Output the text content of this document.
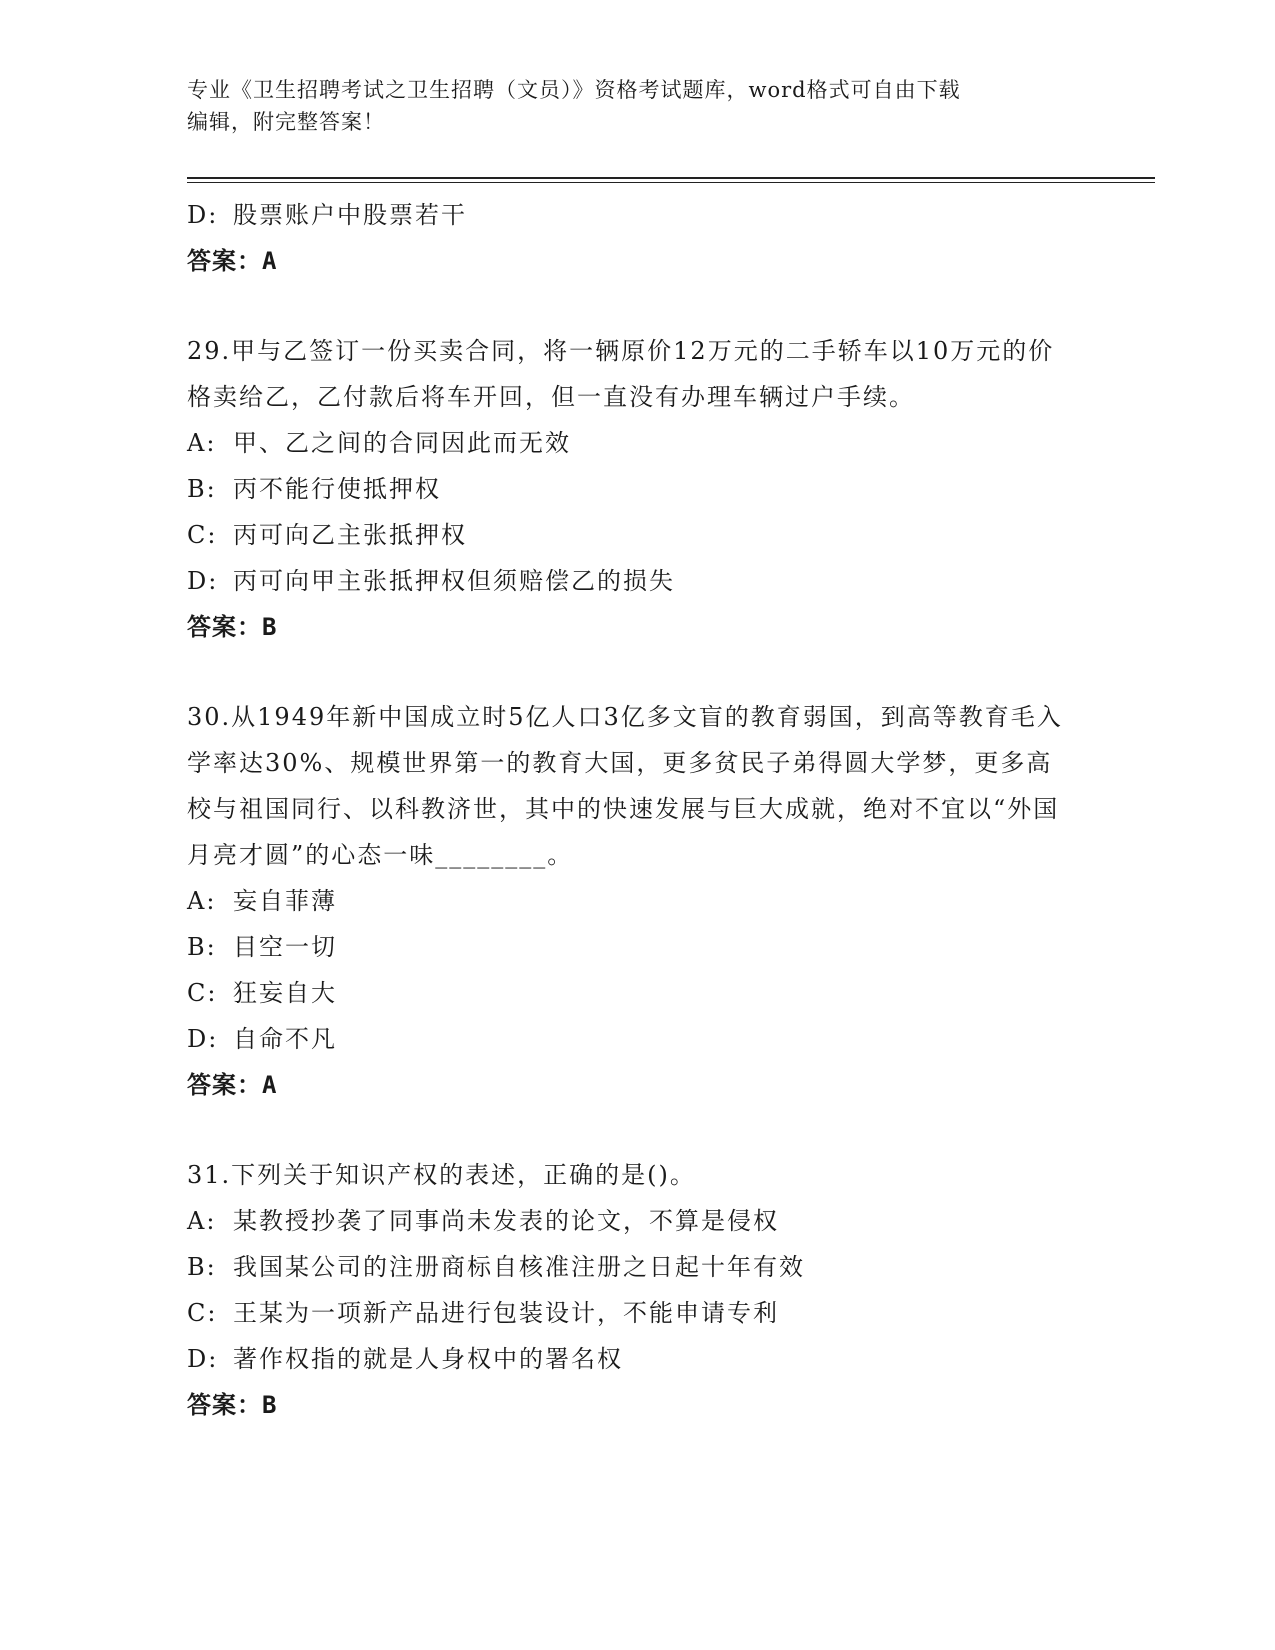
专业《卫生招聘考试之卫生招聘（文员）》资格考试题库，word格式可自由下载
编辑，附完整答案！
D: 股票账户中股票若干
答案：A
29.甲与乙签订一份买卖合同，将一辆原价12万元的二手轿车以10万元的价格卖给乙，乙付款后将车开回，但一直没有办理车辆过户手续。
A: 甲、乙之间的合同因此而无效
B: 丙不能行使抵押权
C: 丙可向乙主张抵押权
D: 丙可向甲主张抵押权但须赔偿乙的损失
答案：B
30.从1949年新中国成立时5亿人口3亿多文盲的教育弱国，到高等教育毛入学率达30%、规模世界第一的教育大国，更多贫民子弟得圆大学梦，更多高校与祖国同行、以科教济世，其中的快速发展与巨大成就，绝对不宜以“外国月亮才圆”的心态一味________。
A: 妄自菲薄
B: 目空一切
C: 狂妄自大
D: 自命不凡
答案：A
31.下列关于知识产权的表述，正确的是()。
A: 某教授抄袭了同事尚未发表的论文，不算是侵权
B: 我国某公司的注册商标自核准注册之日起十年有效
C: 王某为一项新产品进行包装设计，不能申请专利
D: 著作权指的就是人身权中的署名权
答案：B
